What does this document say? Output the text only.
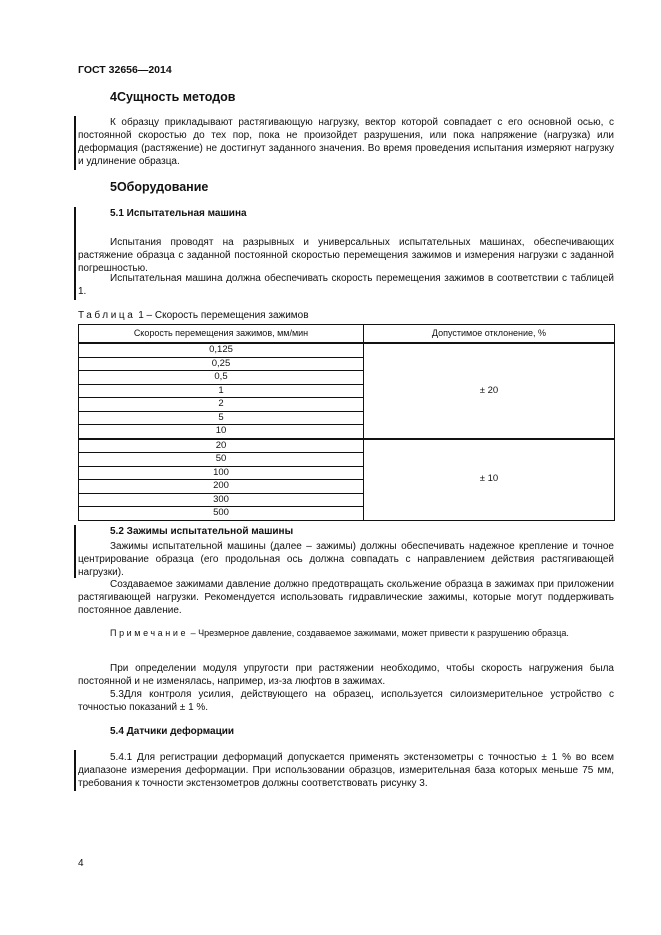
ГОСТ 32656—2014
4Сущность методов
К образцу прикладывают растягивающую нагрузку, вектор которой совпадает с его основной осью, с постоянной скоростью до тех пор, пока не произойдет разрушения, или пока напряжение (нагрузка) или деформация (растяжение) не достигнут заданного значения. Во время проведения испытания измеряют нагрузку и удлинение образца.
5Оборудование
5.1 Испытательная машина
Испытания проводят на разрывных и универсальных испытательных машинах, обеспечивающих растяжение образца с заданной постоянной скоростью перемещения зажимов и измерения нагрузки с заданной погрешностью.
Испытательная машина должна обеспечивать скорость перемещения зажимов в соответствии с таблицей 1.
Таблица 1 – Скорость перемещения зажимов
Скорость перемещения зажимов, мм/мин	Допустимое отклонение, %
0,125	± 20
0,25	
0,5	
1	
2	
5	
10	
20	± 10
50	
100	
200	
300	
500	
5.2 Зажимы испытательной машины
Зажимы испытательной машины (далее – зажимы) должны обеспечивать надежное крепление и точное центрирование образца (его продольная ось должна совпадать с направлением действия растягивающей нагрузки).
Создаваемое зажимами давление должно предотвращать скольжение образца в зажимах при приложении растягивающей нагрузки. Рекомендуется использовать гидравлические зажимы, которые могут поддерживать постоянное давление.
Примечание – Чрезмерное давление, создаваемое зажимами, может привести к разрушению образца.
При определении модуля упругости при растяжении необходимо, чтобы скорость нагружения была постоянной и не изменялась, например, из-за люфтов в зажимах.
5.3Для контроля усилия, действующего на образец, используется силоизмерительное устройство с точностью показаний ± 1 %.
5.4 Датчики деформации
5.4.1 Для регистрации деформаций допускается применять экстензометры с точностью ± 1 % во всем диапазоне измерения деформации. При использовании образцов, измерительная база которых меньше 75 мм, требования к точности экстензометров должны соответствовать рисунку 3.
4
